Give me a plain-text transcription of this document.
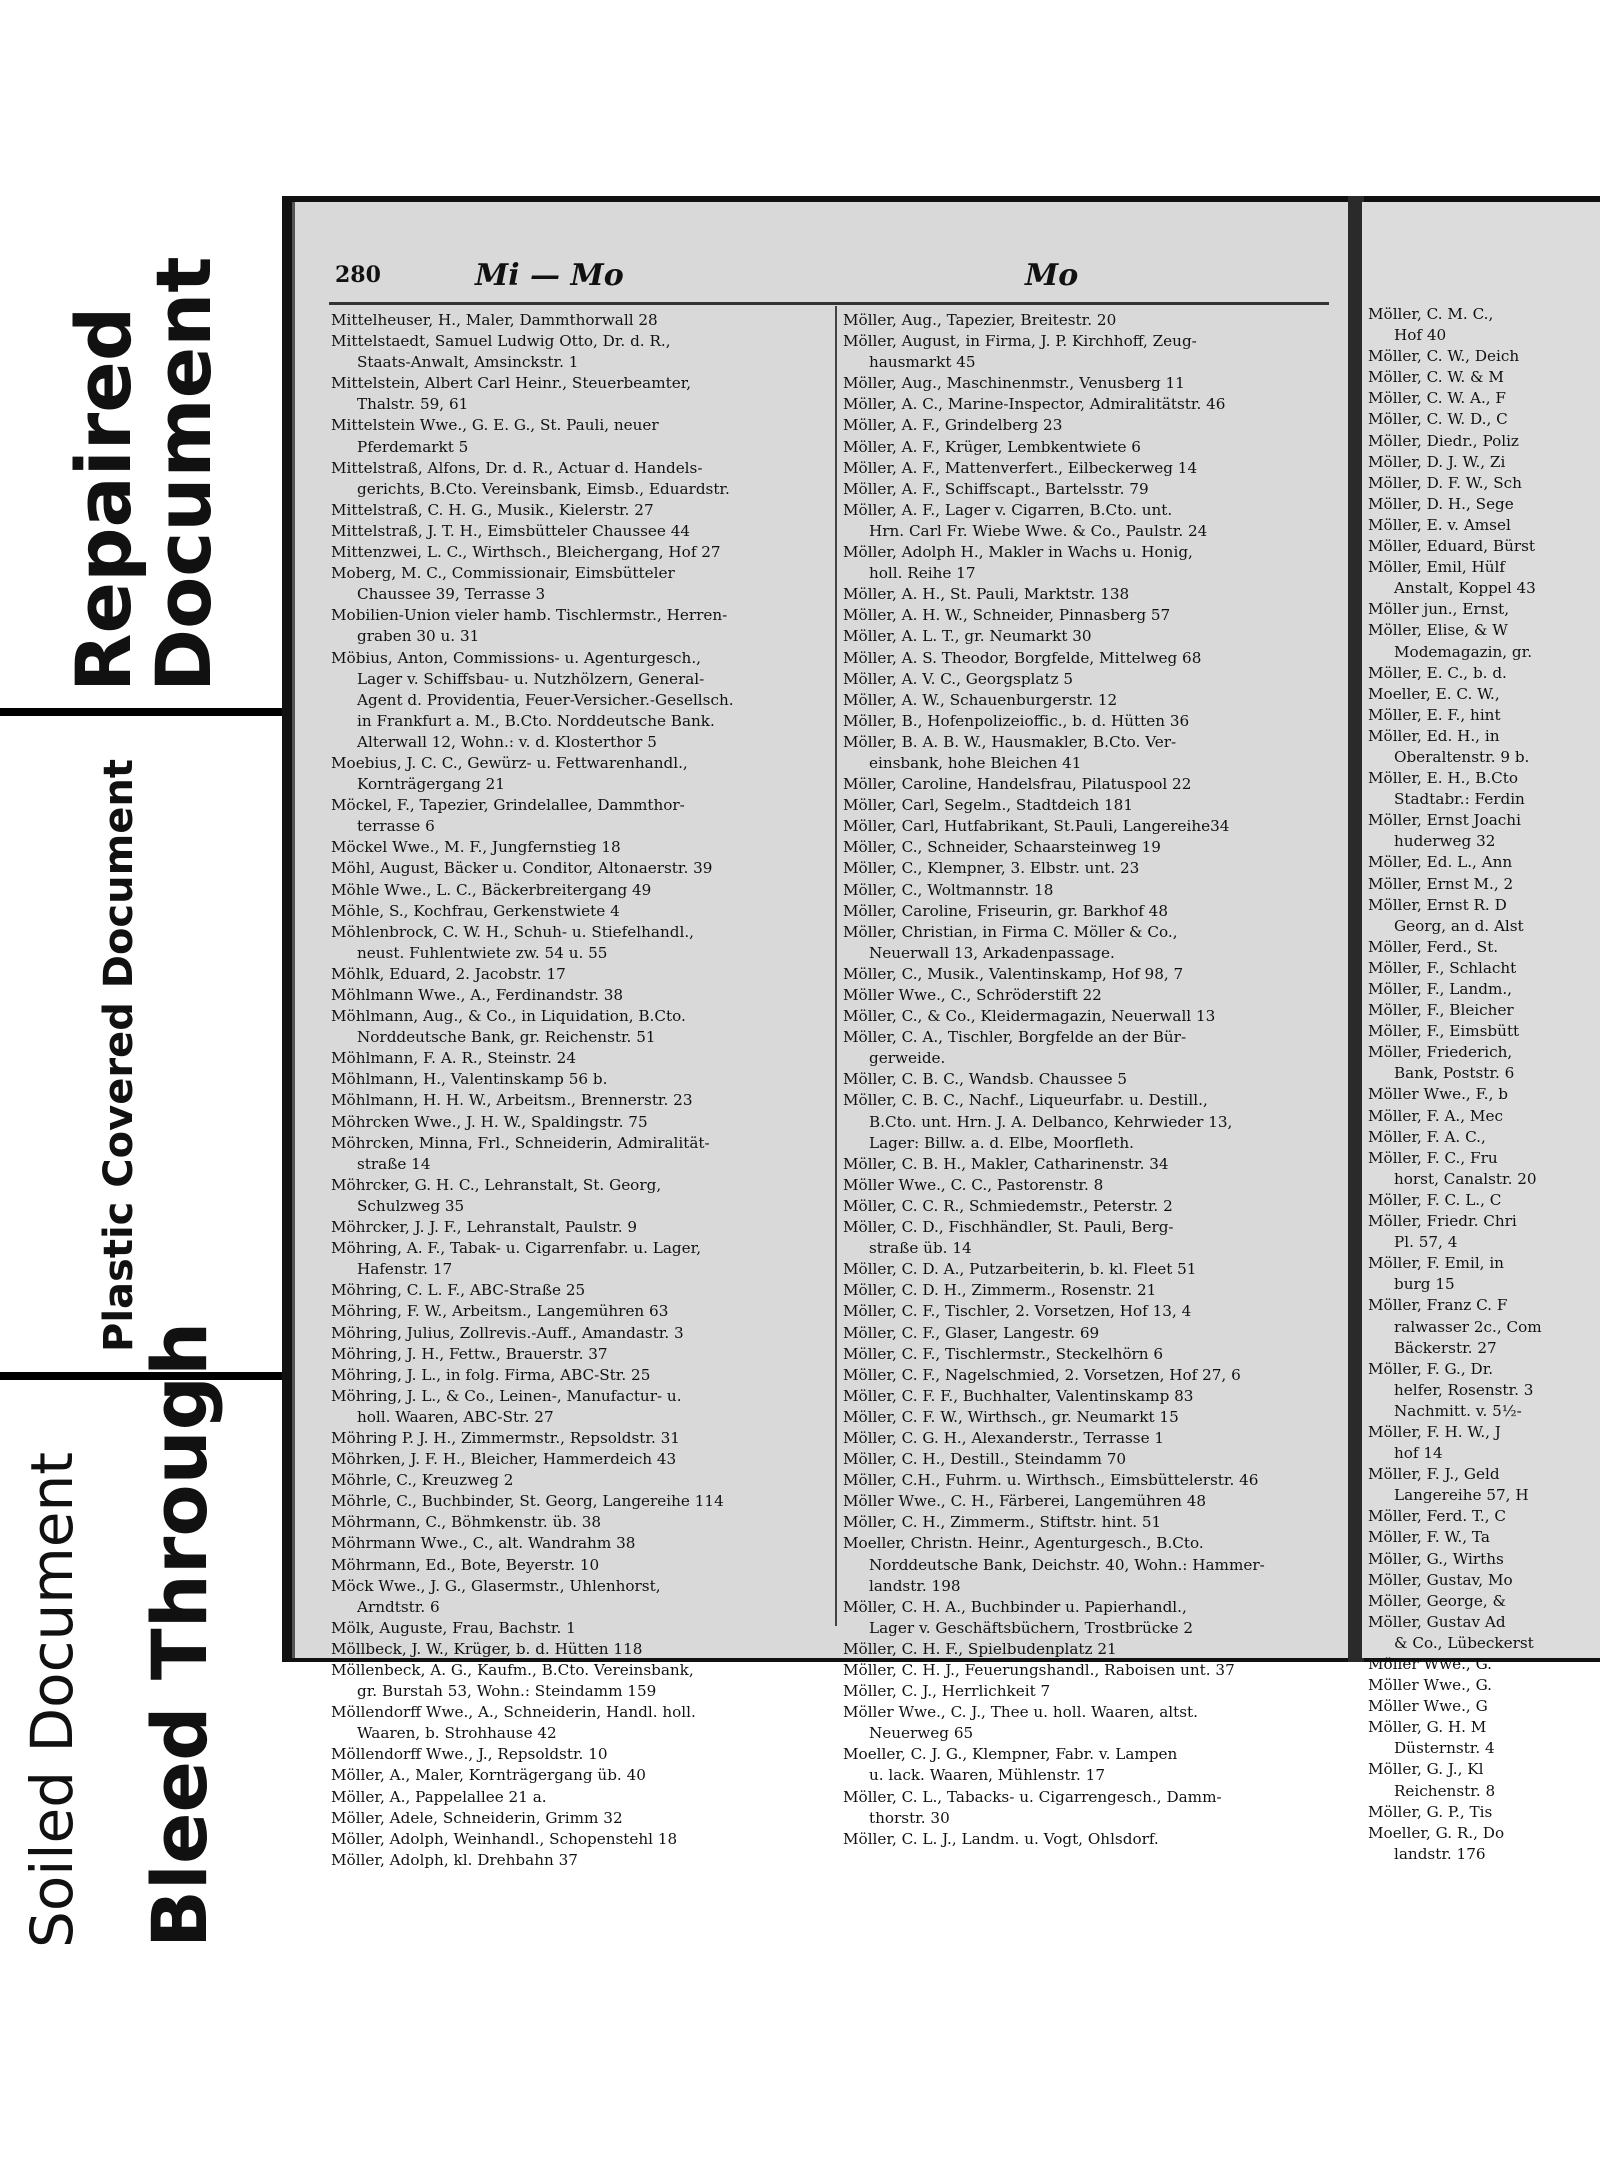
Repaired
Document
Plastic Covered Document
Soiled Document Bleed Through
280	Mi — Mo	Mo
Mittelheuser, H., Maler, Dammthorwall 28
Mittelstaedt, Samuel Ludwig Otto, Dr. d. R.,
Staats-Anwalt, Amsinckstr. 1
Mittelstein, Albert Carl Heinr., Steuerbeamter,
Thalstr. 59, 61
Mittelstein Wwe., G. E. G., St. Pauli, neuer
Pferdemarkt 5
Mittelstraß, Alfons, Dr. d. R., Actuar d. Handels-
gerichts, B.Cto. Vereinsbank, Eimsb., Eduardstr.
Mittelstraß, C. H. G., Musik., Kielerstr. 27
Mittelstraß, J. T. H., Eimsbütteler Chaussee 44
Mittenzwei, L. C., Wirthsch., Bleichergang, Hof 27
Moberg, M. C., Commissionair, Eimsbütteler
Chaussee 39, Terrasse 3
Mobilien-Union vieler hamb. Tischlermstr., Herren-
graben 30 u. 31
Möbius, Anton, Commissions- u. Agenturgesch.,
Lager v. Schiffsbau- u. Nutzhölzern, General-
Agent d. Providentia, Feuer-Versicher.-Gesellsch.
in Frankfurt a. M., B.Cto. Norddeutsche Bank.
Alterwall 12, Wohn.: v. d. Klosterthor 5
Moebius, J. C. C., Gewürz- u. Fettwarenhandl.,
Kornträgergang 21
Möckel, F., Tapezier, Grindelallee, Dammthor-
terrasse 6
Möckel Wwe., M. F., Jungfernstieg 18
Möhl, August, Bäcker u. Conditor, Altonaerstr. 39
Möhle Wwe., L. C., Bäckerbreitergang 49
Möhle, S., Kochfrau, Gerkenstwiete 4
Möhlenbrock, C. W. H., Schuh- u. Stiefelhandl.,
neust. Fuhlentwiete zw. 54 u. 55
Möhlk, Eduard, 2. Jacobstr. 17
Möhlmann Wwe., A., Ferdinandstr. 38
Möhlmann, Aug., & Co., in Liquidation, B.Cto.
Norddeutsche Bank, gr. Reichenstr. 51
Möhlmann, F. A. R., Steinstr. 24
Möhlmann, H., Valentinskamp 56 b.
Möhlmann, H. H. W., Arbeitsm., Brennerstr. 23
Möhrcken Wwe., J. H. W., Spaldingstr. 75
Möhrcken, Minna, Frl., Schneiderin, Admiralität-
straße 14
Möhrcker, G. H. C., Lehranstalt, St. Georg,
Schulzweg 35
Möhrcker, J. J. F., Lehranstalt, Paulstr. 9
Möhring, A. F., Tabak- u. Cigarrenfabr. u. Lager,
Hafenstr. 17
Möhring, C. L. F., ABC-Straße 25
Möhring, F. W., Arbeitsm., Langemühren 63
Möhring, Julius, Zollrevis.-Auff., Amandastr. 3
Möhring, J. H., Fettw., Brauerstr. 37
Möhring, J. L., in folg. Firma, ABC-Str. 25
Möhring, J. L., & Co., Leinen-, Manufactur- u.
holl. Waaren, ABC-Str. 27
Möhring P. J. H., Zimmermstr., Repsoldstr. 31
Möhrken, J. F. H., Bleicher, Hammerdeich 43
Möhrle, C., Kreuzweg 2
Möhrle, C., Buchbinder, St. Georg, Langereihe 114
Möhrmann, C., Böhmkenstr. üb. 38
Möhrmann Wwe., C., alt. Wandrahm 38
Möhrmann, Ed., Bote, Beyerstr. 10
Möck Wwe., J. G., Glasermstr., Uhlenhorst,
Arndtstr. 6
Mölk, Auguste, Frau, Bachstr. 1
Möllbeck, J. W., Krüger, b. d. Hütten 118
Möllenbeck, A. G., Kaufm., B.Cto. Vereinsbank,
gr. Burstah 53, Wohn.: Steindamm 159
Möllendorff Wwe., A., Schneiderin, Handl. holl.
Waaren, b. Strohhause 42
Möllendorff Wwe., J., Repsoldstr. 10
Möller, A., Maler, Kornträgergang üb. 40
Möller, A., Pappelallee 21 a.
Möller, Adele, Schneiderin, Grimm 32
Möller, Adolph, Weinhandl., Schopenstehl 18
Möller, Adolph, kl. Drehbahn 37
Möller, Aug., Tapezier, Breitestr. 20
Möller, August, in Firma, J. P. Kirchhoff, Zeug-
hausmarkt 45
Möller, Aug., Maschinenmstr., Venusberg 11
Möller, A. C., Marine-Inspector, Admiralitätstr. 46
Möller, A. F., Grindelberg 23
Möller, A. F., Krüger, Lembkentwiete 6
Möller, A. F., Mattenverfert., Eilbeckerweg 14
Möller, A. F., Schiffscapt., Bartelsstr. 79
Möller, A. F., Lager v. Cigarren, B.Cto. unt.
Hrn. Carl Fr. Wiebe Wwe. & Co., Paulstr. 24
Möller, Adolph H., Makler in Wachs u. Honig,
holl. Reihe 17
Möller, A. H., St. Pauli, Marktstr. 138
Möller, A. H. W., Schneider, Pinnasberg 57
Möller, A. L. T., gr. Neumarkt 30
Möller, A. S. Theodor, Borgfelde, Mittelweg 68
Möller, A. V. C., Georgsplatz 5
Möller, A. W., Schauenburgerstr. 12
Möller, B., Hofenpolizeioffic., b. d. Hütten 36
Möller, B. A. B. W., Hausmakler, B.Cto. Ver-
einsbank, hohe Bleichen 41
Möller, Caroline, Handelsfrau, Pilatuspool 22
Möller, Carl, Segelm., Stadtdeich 181
Möller, Carl, Hutfabrikant, St.Pauli, Langereihe34
Möller, C., Schneider, Schaarsteinweg 19
Möller, C., Klempner, 3. Elbstr. unt. 23
Möller, C., Woltmannstr. 18
Möller, Caroline, Friseurin, gr. Barkhof 48
Möller, Christian, in Firma C. Möller & Co.,
Neuerwall 13, Arkadenpassage.
Möller, C., Musik., Valentinskamp, Hof 98, 7
Möller Wwe., C., Schröderstift 22
Möller, C., & Co., Kleidermagazin, Neuerwall 13
Möller, C. A., Tischler, Borgfelde an der Bür-
gerweide.
Möller, C. B. C., Wandsb. Chaussee 5
Möller, C. B. C., Nachf., Liqueurfabr. u. Destill.,
B.Cto. unt. Hrn. J. A. Delbanco, Kehrwieder 13,
Lager: Billw. a. d. Elbe, Moorfleth.
Möller, C. B. H., Makler, Catharinenstr. 34
Möller Wwe., C. C., Pastorenstr. 8
Möller, C. C. R., Schmiedemstr., Peterstr. 2
Möller, C. D., Fischhändler, St. Pauli, Berg-
straße üb. 14
Möller, C. D. A., Putzarbeiterin, b. kl. Fleet 51
Möller, C. D. H., Zimmerm., Rosenstr. 21
Möller, C. F., Tischler, 2. Vorsetzen, Hof 13, 4
Möller, C. F., Glaser, Langestr. 69
Möller, C. F., Tischlermstr., Steckelhörn 6
Möller, C. F., Nagelschmied, 2. Vorsetzen, Hof 27, 6
Möller, C. F. F., Buchhalter, Valentinskamp 83
Möller, C. F. W., Wirthsch., gr. Neumarkt 15
Möller, C. G. H., Alexanderstr., Terrasse 1
Möller, C. H., Destill., Steindamm 70
Möller, C.H., Fuhrm. u. Wirthsch., Eimsbüttelerstr. 46
Möller Wwe., C. H., Färberei, Langemühren 48
Möller, C. H., Zimmerm., Stiftstr. hint. 51
Moeller, Christn. Heinr., Agenturgesch., B.Cto.
Norddeutsche Bank, Deichstr. 40, Wohn.: Hammer-
landstr. 198
Möller, C. H. A., Buchbinder u. Papierhandl.,
Lager v. Geschäftsbüchern, Trostbrücke 2
Möller, C. H. F., Spielbudenplatz 21
Möller, C. H. J., Feuerungshandl., Raboisen unt. 37
Möller, C. J., Herrlichkeit 7
Möller Wwe., C. J., Thee u. holl. Waaren, altst.
Neuerweg 65
Moeller, C. J. G., Klempner, Fabr. v. Lampen
u. lack. Waaren, Mühlenstr. 17
Möller, C. L., Tabacks- u. Cigarrengesch., Damm-
thorstr. 30
Möller, C. L. J., Landm. u. Vogt, Ohlsdorf.
Möller, C. M. C.,
Hof 40
Möller, C. W., Deich
Möller, C. W. & M
Möller, C. W. A., F
Möller, C. W. D., C
Möller, Diedr., Poliz
Möller, D. J. W., Zi
Möller, D. F. W., Sch
Möller, D. H., Sege
Möller, E. v. Amsel
Möller, Eduard, Bürst
Möller, Emil, Hülf
Anstalt, Koppel 43
Möller jun., Ernst,
Möller, Elise, & W
Modemagazin, gr.
Möller, E. C., b. d.
Moeller, E. C. W.,
Möller, E. F., hint
Möller, Ed. H., in
Oberaltenstr. 9 b.
Möller, E. H., B.Cto
Stadtabr.: Ferdin
Möller, Ernst Joachi
huderweg 32
Möller, Ed. L., Ann
Möller, Ernst M., 2
Möller, Ernst R. D
Georg, an d. Alst
Möller, Ferd., St.
Möller, F., Schlacht
Möller, F., Landm.,
Möller, F., Bleicher
Möller, F., Eimsbütt
Möller, Friederich,
Bank, Poststr. 6
Möller Wwe., F., b
Möller, F. A., Mec
Möller, F. A. C.,
Möller, F. C., Fru
horst, Canalstr. 20
Möller, F. C. L., C
Möller, Friedr. Chri
Pl. 57, 4
Möller, F. Emil, in
burg 15
Möller, Franz C. F
ralwasser 2c., Com
Bäckerstr. 27
Möller, F. G., Dr.
helfer, Rosenstr. 3
Nachmitt. v. 5½-
Möller, F. H. W., J
hof 14
Möller, F. J., Geld
Langereihe 57, H
Möller, Ferd. T., C
Möller, F. W., Ta
Möller, G., Wirths
Möller, Gustav, Mo
Möller, George, &
Möller, Gustav Ad
& Co., Lübeckerst
Möller Wwe., G.
Möller Wwe., G.
Möller Wwe., G
Möller, G. H. M
Düsternstr. 4
Möller, G. J., Kl
Reichenstr. 8
Möller, G. P., Tis
Moeller, G. R., Do
landstr. 176
